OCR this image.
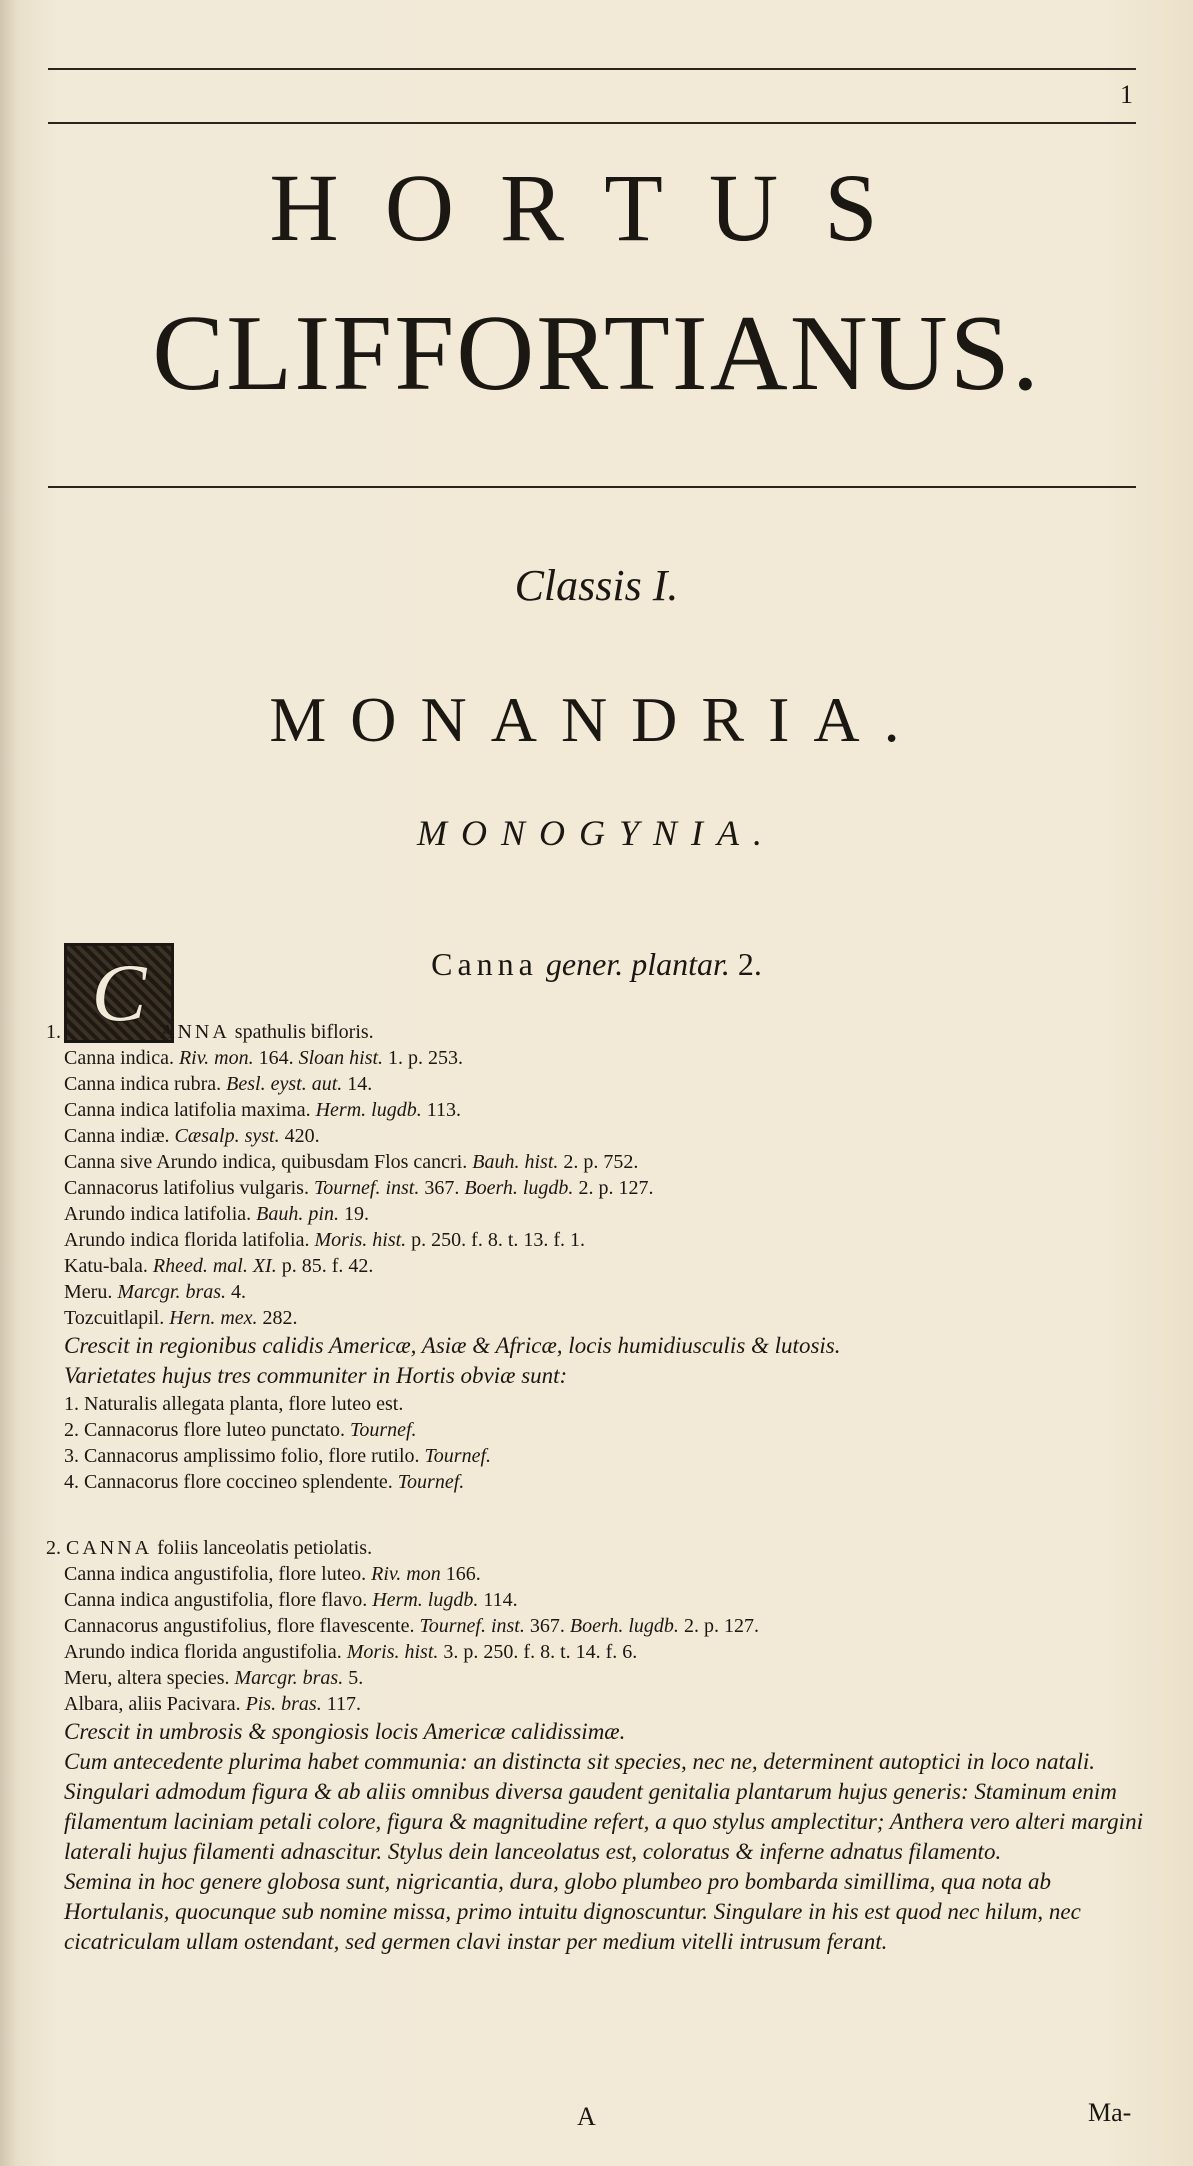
1
HORTUS
CLIFFORTIANUS.
Classis I.
MONANDRIA.
MONOGYNIA.
C	Canna gener. plantar. 2.
1.	ANNA spathulis bifloris.
Canna indica. Riv. mon. 164. Sloan hist. 1. p. 253.
Canna indica rubra. Besl. eyst. aut. 14.
Canna indica latifolia maxima. Herm. lugdb. 113.
Canna indiæ. Cæsalp. syst. 420.
Canna sive Arundo indica, quibusdam Flos cancri. Bauh. hist. 2. p. 752.
Cannacorus latifolius vulgaris. Tournef. inst. 367. Boerh. lugdb. 2. p. 127.
Arundo indica latifolia. Bauh. pin. 19.
Arundo indica florida latifolia. Moris. hist. p. 250. f. 8. t. 13. f. 1.
Katu-bala. Rheed. mal. XI. p. 85. f. 42.
Meru. Marcgr. bras. 4.
Tozcuitlapil. Hern. mex. 282.
Crescit in regionibus calidis Americæ, Asiæ & Africæ, locis humidiusculis & lutosis.
Varietates hujus tres communiter in Hortis obviæ sunt:
1. Naturalis allegata planta, flore luteo est.
2. Cannacorus flore luteo punctato. Tournef.
3. Cannacorus amplissimo folio, flore rutilo. Tournef.
4. Cannacorus flore coccineo splendente. Tournef.
2. CANNA foliis lanceolatis petiolatis.
Canna indica angustifolia, flore luteo. Riv. mon 166.
Canna indica angustifolia, flore flavo. Herm. lugdb. 114.
Cannacorus angustifolius, flore flavescente. Tournef. inst. 367. Boerh. lugdb. 2. p. 127.
Arundo indica florida angustifolia. Moris. hist. 3. p. 250. f. 8. t. 14. f. 6.
Meru, altera species. Marcgr. bras. 5.
Albara, aliis Pacivara. Pis. bras. 117.
Crescit in umbrosis & spongiosis locis Americæ calidissimæ.
Cum antecedente plurima habet communia: an distincta sit species, nec ne, determinent autoptici in loco natali.
Singulari admodum figura & ab aliis omnibus diversa gaudent genitalia plantarum hujus generis: Staminum enim filamentum laciniam petali colore, figura & magnitudine refert, a quo stylus amplectitur; Anthera vero alteri margini laterali hujus filamenti adnascitur. Stylus dein lanceolatus est, coloratus & inferne adnatus filamento.
Semina in hoc genere globosa sunt, nigricantia, dura, globo plumbeo pro bombarda simillima, qua nota ab Hortulanis, quocunque sub nomine missa, primo intuitu dignoscuntur. Singulare in his est quod nec hilum, nec cicatriculam ullam ostendant, sed germen clavi instar per medium vitelli intrusum ferant.
A	Ma-
